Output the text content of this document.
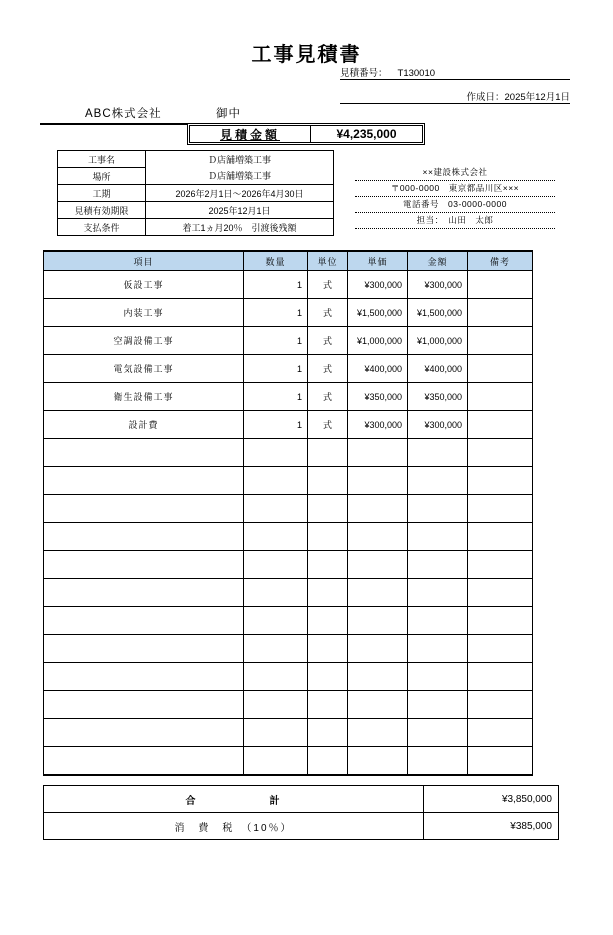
工事見積書
見積番号：	T130010
作成日：2025年12月1日
ABC株式会社	御中
見積金額	¥4,235,000
工事名	Ｄ店舗増築工事
場所	Ｄ店舗増築工事
工期	2026年2月1日～2026年4月30日
見積有効期限	2025年12月1日
支払条件	着工1ヵ月20％　引渡後残額
××建設株式会社
〒000-0000　東京都品川区×××
電話番号　03-0000-0000
担当：　山田　太郎
項目	数量	単位	単価	金額	備考
仮設工事	1	式	¥300,000	¥300,000	
内装工事	1	式	¥1,500,000	¥1,500,000	
空調設備工事	1	式	¥1,000,000	¥1,000,000	
電気設備工事	1	式	¥400,000	¥400,000	
衛生設備工事	1	式	¥350,000	¥350,000	
設計費	1	式	¥300,000	¥300,000	

合　　　　　　計	¥3,850,000
消　費　税　（10％）	¥385,000
